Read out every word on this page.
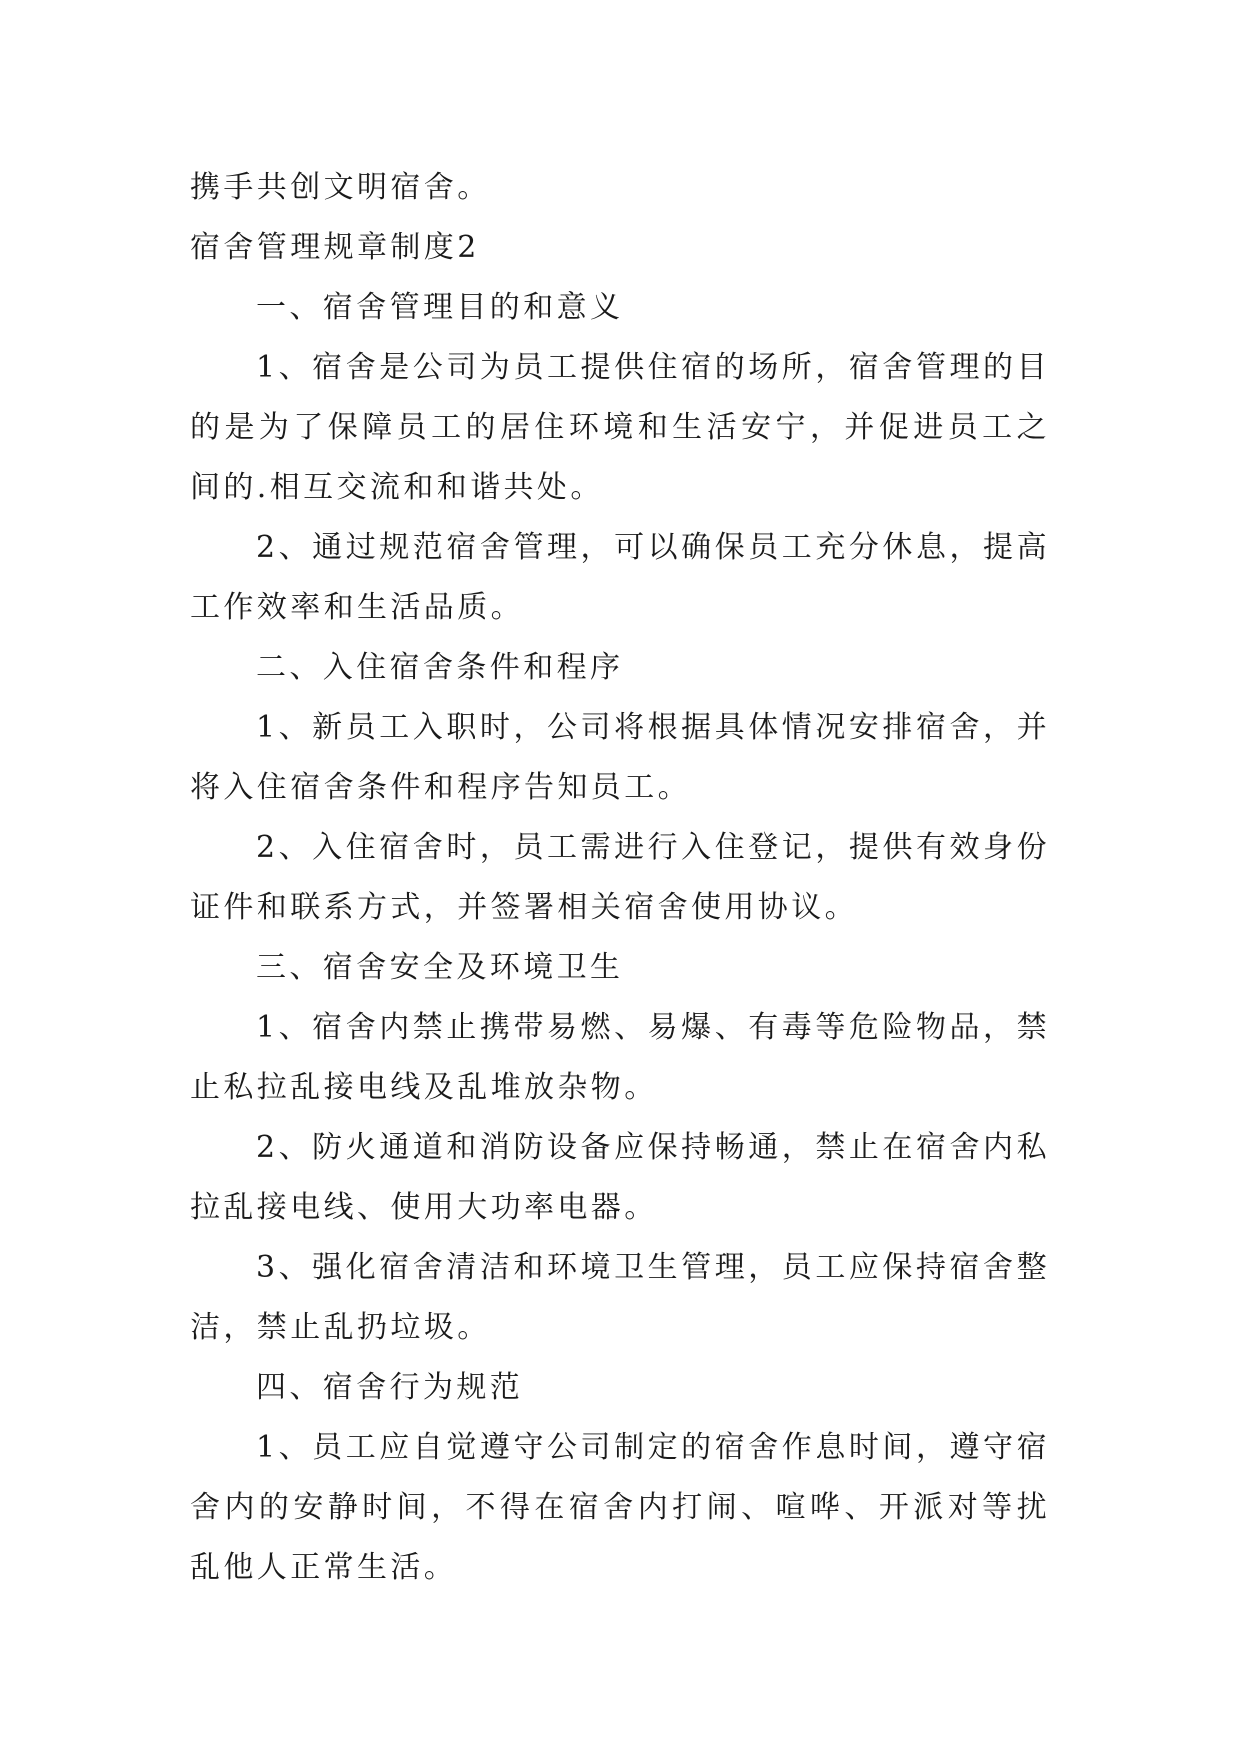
携手共创文明宿舍。

宿舍管理规章制度2

一、宿舍管理目的和意义

1、宿舍是公司为员工提供住宿的场所，宿舍管理的目的是为了保障员工的居住环境和生活安宁，并促进员工之间的.相互交流和和谐共处。

2、通过规范宿舍管理，可以确保员工充分休息，提高工作效率和生活品质。

二、入住宿舍条件和程序

1、新员工入职时，公司将根据具体情况安排宿舍，并将入住宿舍条件和程序告知员工。

2、入住宿舍时，员工需进行入住登记，提供有效身份证件和联系方式，并签署相关宿舍使用协议。

三、宿舍安全及环境卫生

1、宿舍内禁止携带易燃、易爆、有毒等危险物品，禁止私拉乱接电线及乱堆放杂物。

2、防火通道和消防设备应保持畅通，禁止在宿舍内私拉乱接电线、使用大功率电器。

3、强化宿舍清洁和环境卫生管理，员工应保持宿舍整洁，禁止乱扔垃圾。

四、宿舍行为规范

1、员工应自觉遵守公司制定的宿舍作息时间，遵守宿舍内的安静时间，不得在宿舍内打闹、喧哗、开派对等扰乱他人正常生活。
